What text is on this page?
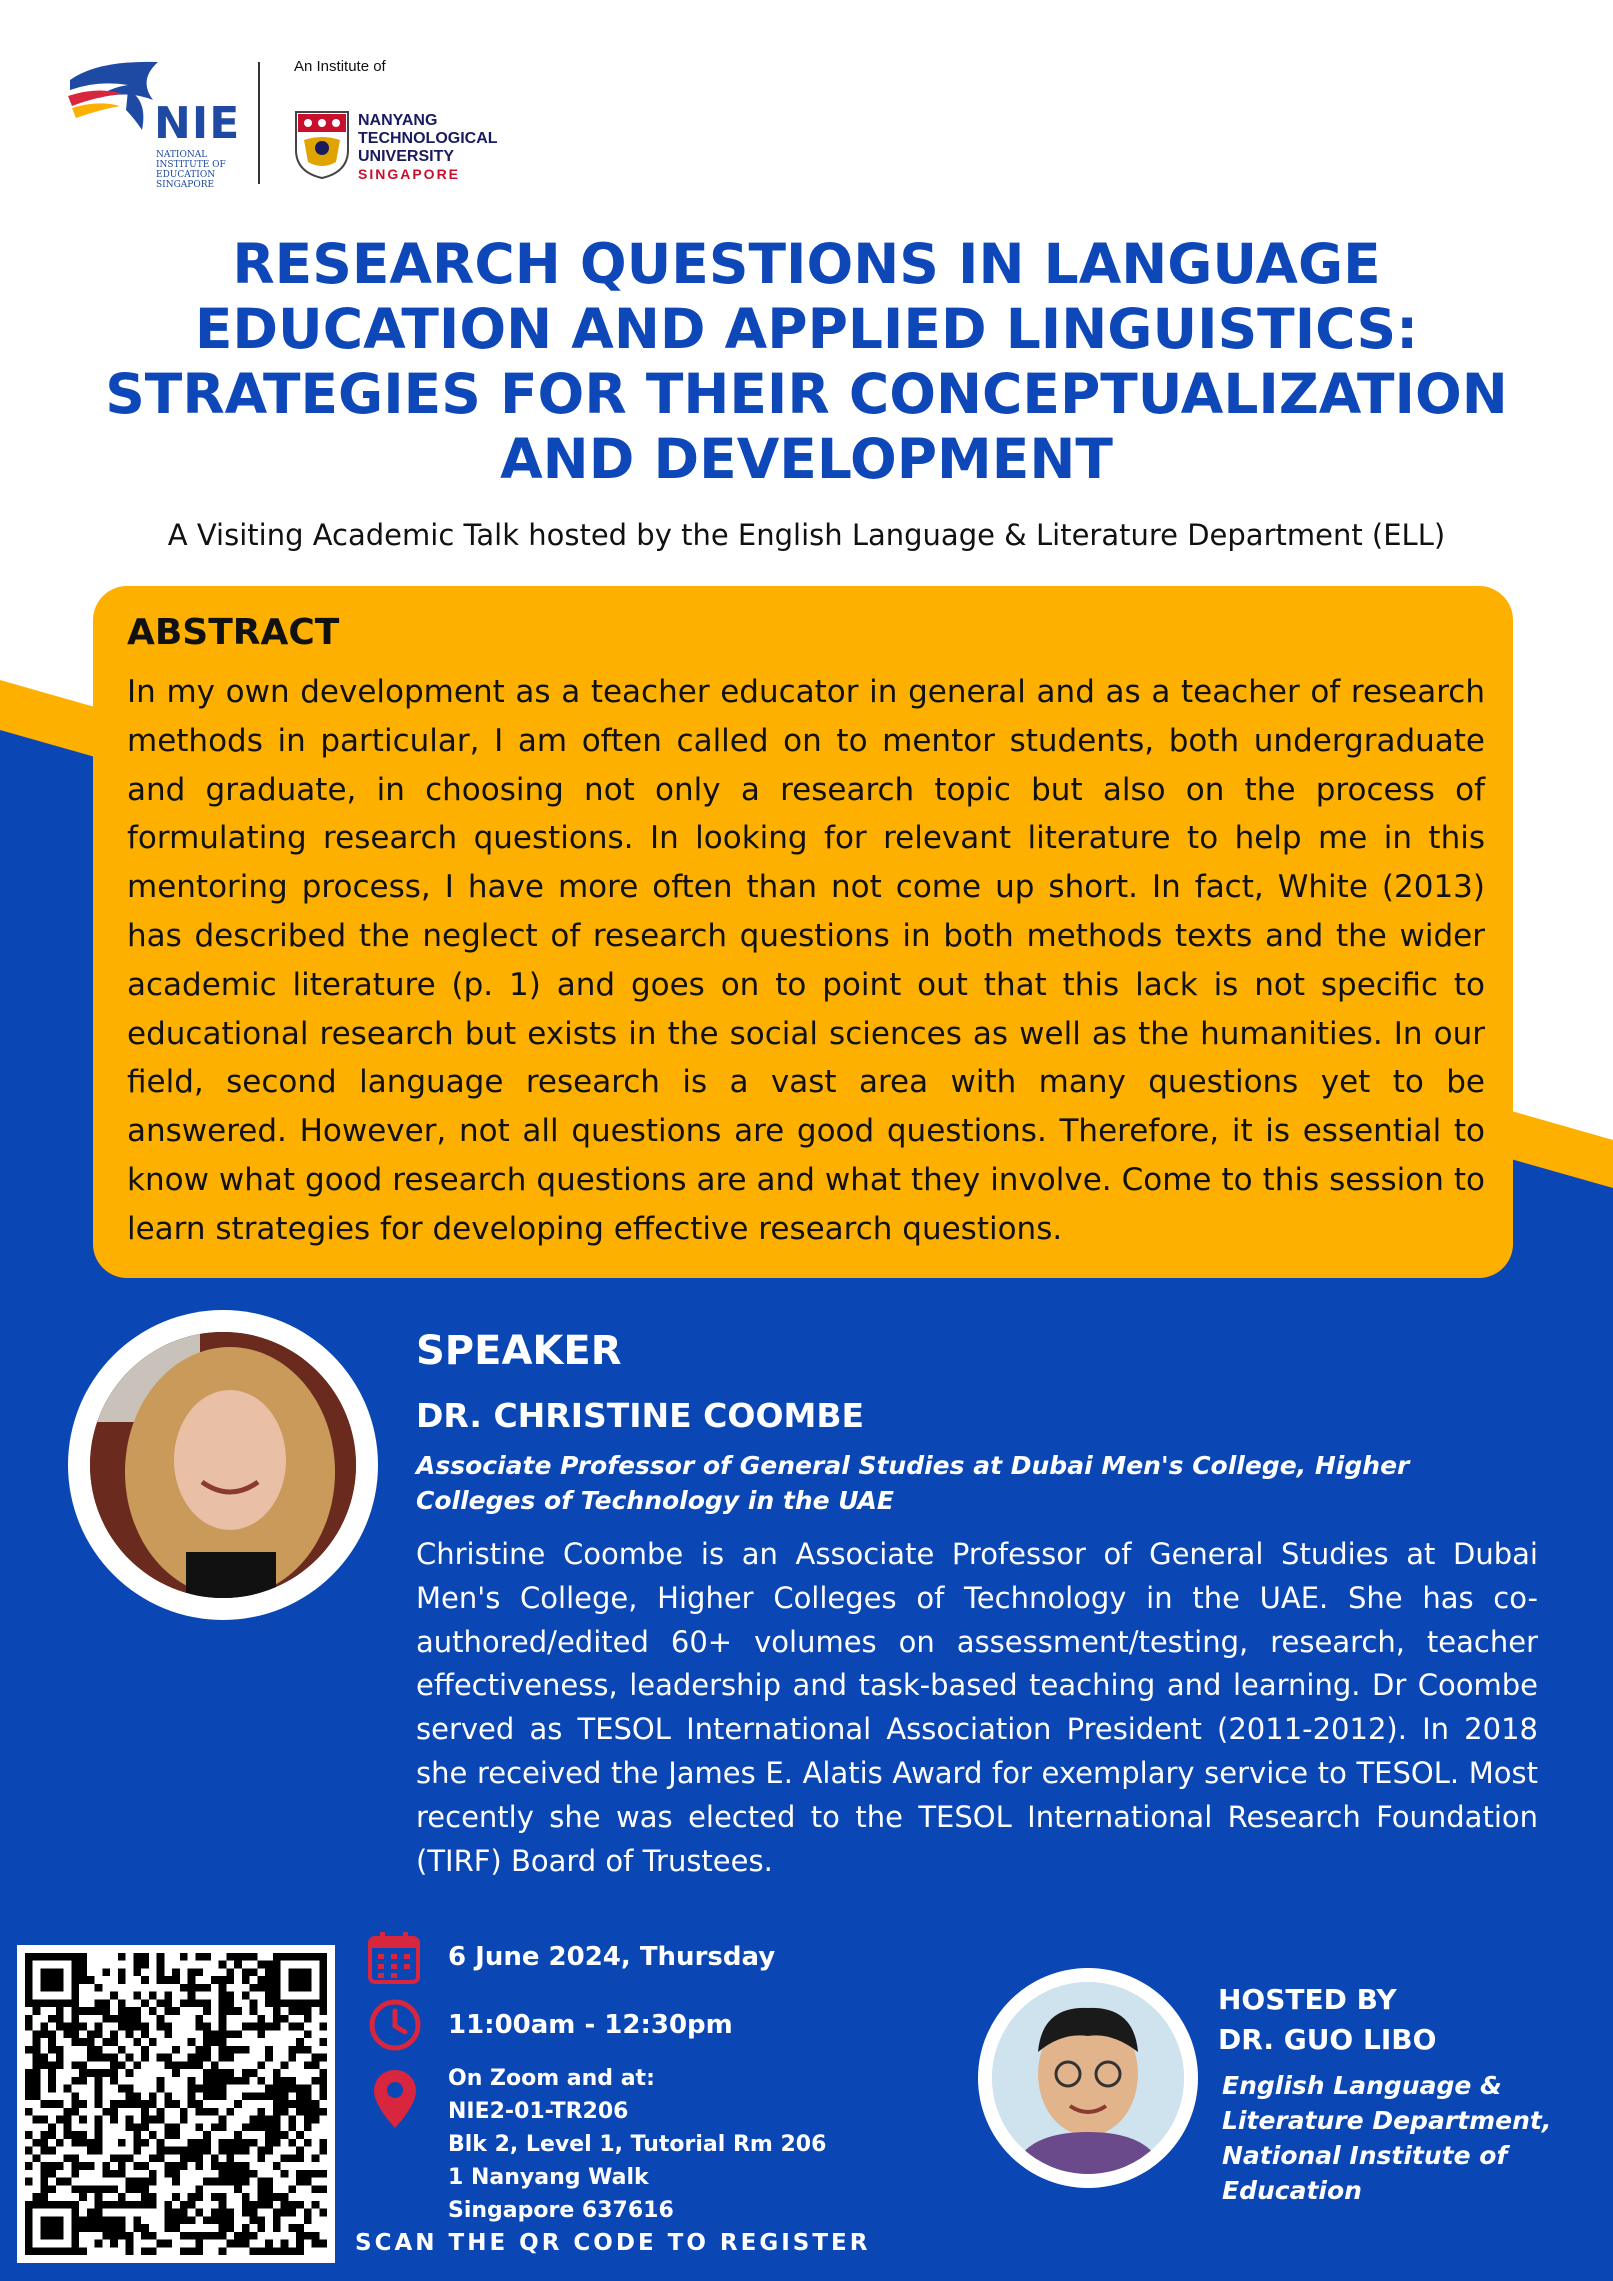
NIE
NATIONAL
INSTITUTE OF
EDUCATION
SINGAPORE
An Institute of
NANYANG
TECHNOLOGICAL
UNIVERSITY
SINGAPORE
RESEARCH QUESTIONS IN LANGUAGE
EDUCATION AND APPLIED LINGUISTICS:
STRATEGIES FOR THEIR CONCEPTUALIZATION
AND DEVELOPMENT
A Visiting Academic Talk hosted by the English Language & Literature Department (ELL)
ABSTRACT

In my own development as a teacher educator in general and as a teacher of research methods in particular, I am often called on to mentor students, both undergraduate and graduate, in choosing not only a research topic but also on the process of formulating research questions. In looking for relevant literature to help me in this mentoring process, I have more often than not come up short. In fact, White (2013) has described the neglect of research questions in both methods texts and the wider academic literature (p. 1) and goes on to point out that this lack is not specific to educational research but exists in the social sciences as well as the humanities. In our field, second language research is a vast area with many questions yet to be answered. However, not all questions are good questions. Therefore, it is essential to know what good research questions are and what they involve. Come to this session to learn strategies for developing effective research questions.

SPEAKER
DR. CHRISTINE COOMBE
Associate Professor of General Studies at Dubai Men's College, Higher Colleges of Technology in the UAE

Christine Coombe is an Associate Professor of General Studies at Dubai Men's College, Higher Colleges of Technology in the UAE. She has co-authored/edited 60+ volumes on assessment/testing, research, teacher effectiveness, leadership and task-based teaching and learning. Dr Coombe served as TESOL International Association President (2011-2012). In 2018 she received the James E. Alatis Award for exemplary service to TESOL. Most recently she was elected to the TESOL International Research Foundation (TIRF) Board of Trustees.

6 June 2024, Thursday
11:00am - 12:30pm
On Zoom and at:
NIE2-01-TR206
Blk 2, Level 1, Tutorial Rm 206
1 Nanyang Walk
Singapore 637616
SCAN THE QR CODE TO REGISTER
HOSTED BY
DR. GUO LIBO
English Language &
Literature Department,
National Institute of
Education
